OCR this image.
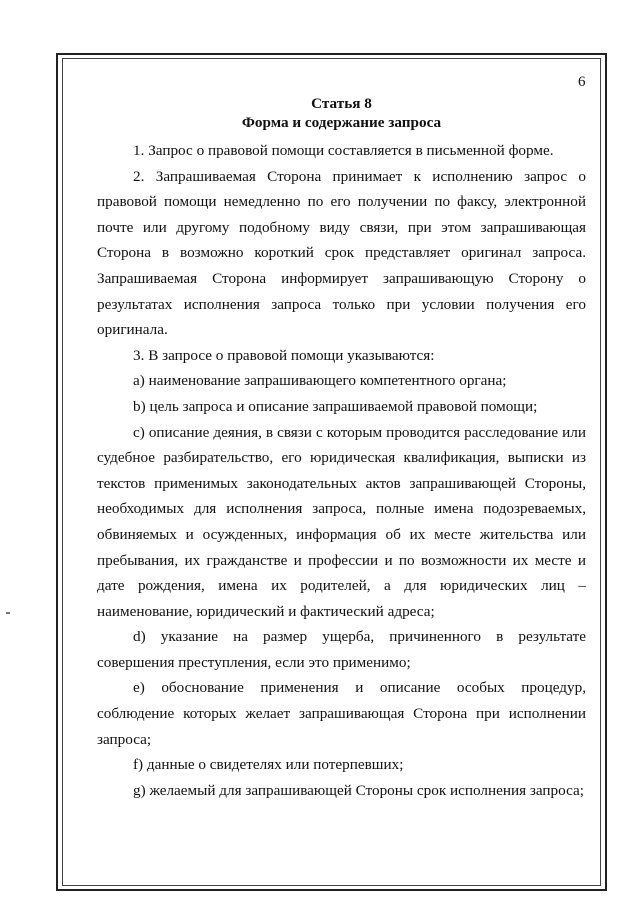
6

Статья 8

Форма и содержание запроса

1. Запрос о правовой помощи составляется в письменной форме.

2. Запрашиваемая Сторона принимает к исполнению запрос о правовой помощи немедленно по его получении по факсу, электронной почте или другому подобному виду связи, при этом запрашивающая Сторона в возможно короткий срок представляет оригинал запроса. Запрашиваемая Сторона информирует запрашивающую Сторону о результатах исполнения запроса только при условии получения его оригинала.

3. В запросе о правовой помощи указываются:

а) наименование запрашивающего компетентного органа;

b) цель запроса и описание запрашиваемой правовой помощи;

c) описание деяния, в связи с которым проводится расследование или судебное разбирательство, его юридическая квалификация, выписки из текстов применимых законодательных актов запрашивающей Стороны, необходимых для исполнения запроса, полные имена подозреваемых, обвиняемых и осужденных, информация об их месте жительства или пребывания, их гражданстве и профессии и по возможности их месте и дате рождения, имена их родителей, а для юридических лиц – наименование, юридический и фактический адреса;

d) указание на размер ущерба, причиненного в результате совершения преступления, если это применимо;

e) обоснование применения и описание особых процедур, соблюдение которых желает запрашивающая Сторона при исполнении запроса;

f) данные о свидетелях или потерпевших;

g) желаемый для запрашивающей Стороны срок исполнения запроса;
